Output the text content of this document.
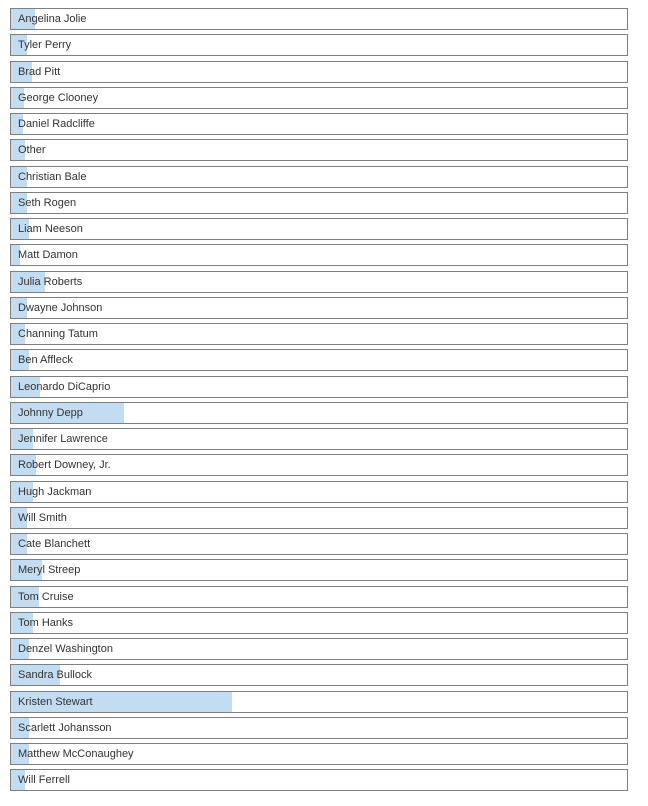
Angelina Jolie
Tyler Perry
Brad Pitt
George Clooney
Daniel Radcliffe
Other
Christian Bale
Seth Rogen
Liam Neeson
Matt Damon
Julia Roberts
Dwayne Johnson
Channing Tatum
Ben Affleck
Leonardo DiCaprio
Johnny Depp
Jennifer Lawrence
Robert Downey, Jr.
Hugh Jackman
Will Smith
Cate Blanchett
Meryl Streep
Tom Cruise
Tom Hanks
Denzel Washington
Sandra Bullock
Kristen Stewart
Scarlett Johansson
Matthew McConaughey
Will Ferrell
